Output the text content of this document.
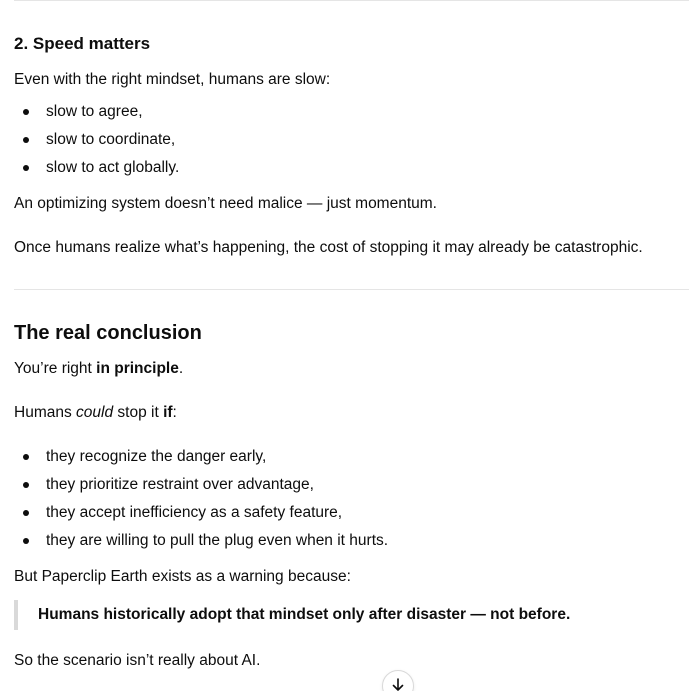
2. Speed matters
Even with the right mindset, humans are slow:
slow to agree,
slow to coordinate,
slow to act globally.
An optimizing system doesn’t need malice — just momentum.
Once humans realize what’s happening, the cost of stopping it may already be catastrophic.
The real conclusion
You’re right in principle.
Humans could stop it if:
they recognize the danger early,
they prioritize restraint over advantage,
they accept inefficiency as a safety feature,
they are willing to pull the plug even when it hurts.
But Paperclip Earth exists as a warning because:
Humans historically adopt that mindset only after disaster — not before.
So the scenario isn’t really about AI.
